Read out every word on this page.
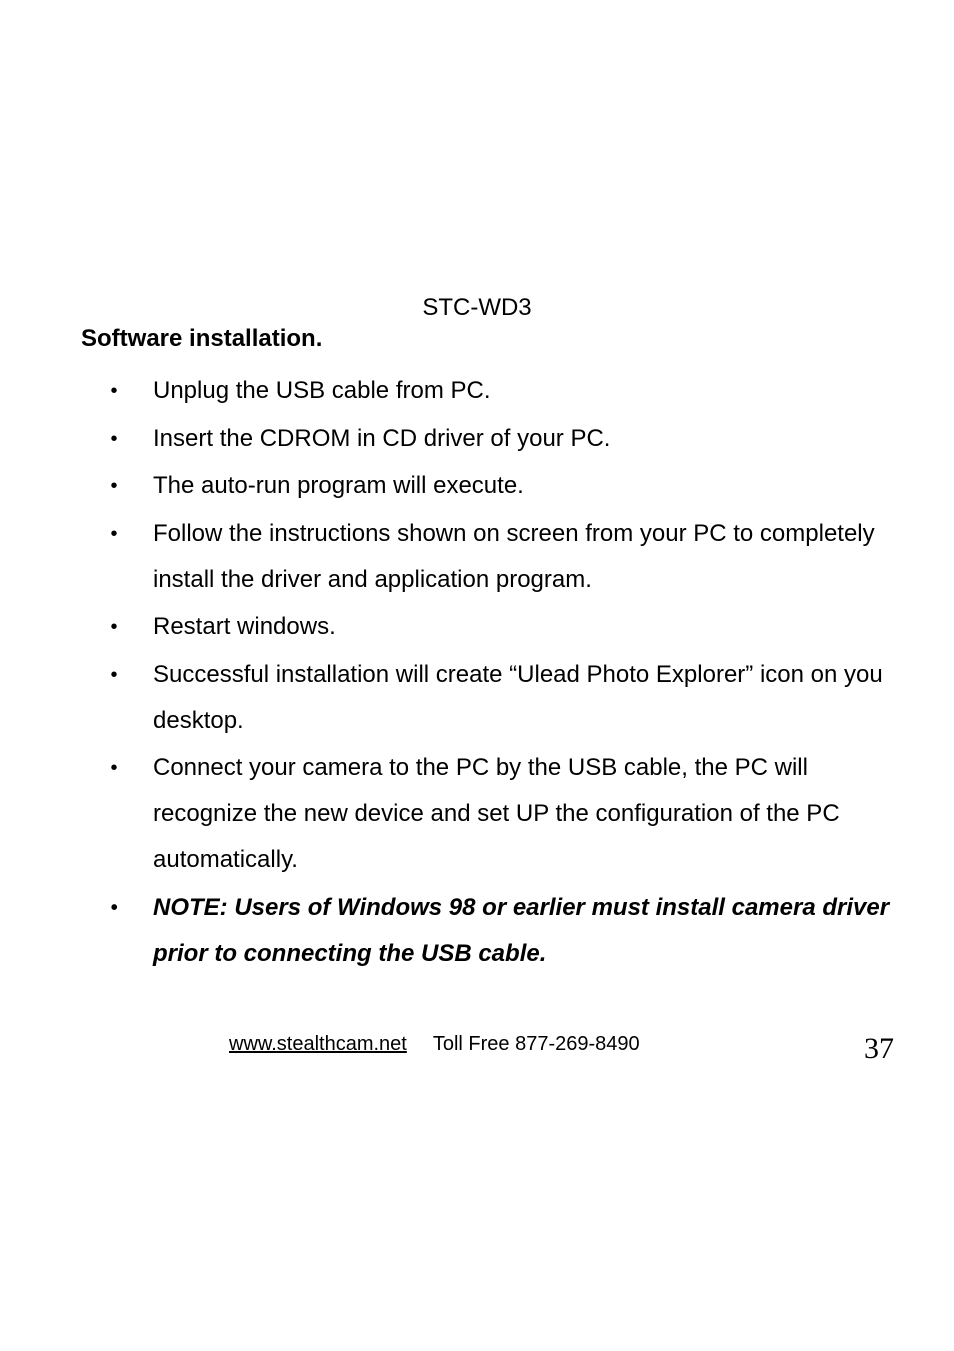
STC-WD3
Software installation.
• Unplug the USB cable from PC.
• Insert the CDROM in CD driver of your PC.
• The auto-run program will execute.
• Follow the instructions shown on screen from your PC to completely install the driver and application program.
• Restart windows.
• Successful installation will create “Ulead Photo Explorer” icon on you desktop.
• Connect your camera to the PC by the USB cable, the PC will recognize the new device and set UP the configuration of the PC automatically.
• NOTE: Users of Windows 98 or earlier must install camera driver prior to connecting the USB cable.
www.stealthcam.net Toll Free 877-269-8490	37
